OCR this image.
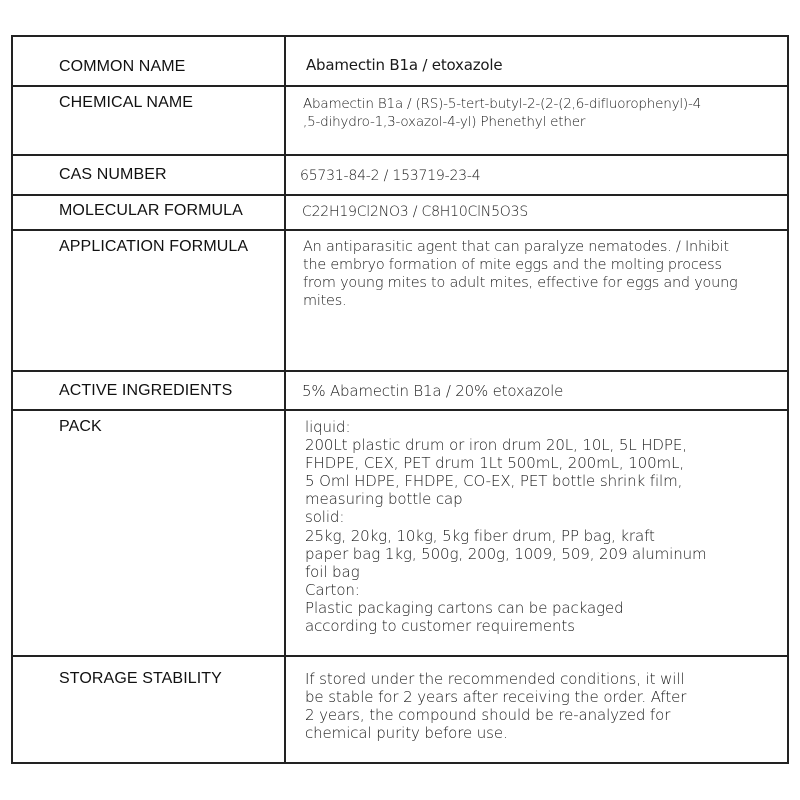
COMMON NAME	Abamectin B1a / etoxazole
CHEMICAL NAME	Abamectin B1a / (RS)-5-tert-butyl-2-(2-(2,6-difluorophenyl)-4
,5-dihydro-1,3-oxazol-4-yl) Phenethyl ether
CAS NUMBER	65731-84-2 / 153719-23-4
MOLECULAR FORMULA	C22H19Cl2NO3 / C8H10ClN5O3S
APPLICATION FORMULA	An antiparasitic agent that can paralyze nematodes. / Inhibit
the embryo formation of mite eggs and the molting process
from young mites to adult mites, effective for eggs and young
mites.
ACTIVE INGREDIENTS	5% Abamectin B1a / 20% etoxazole
PACK	liquid:
200Lt plastic drum or iron drum 20L, 10L, 5L HDPE,
FHDPE, CEX, PET drum 1Lt 500mL, 200mL, 100mL,
5 Oml HDPE, FHDPE, CO-EX, PET bottle shrink film,
measuring bottle cap
solid:
25kg, 20kg, 10kg, 5kg fiber drum, PP bag, kraft
paper bag 1kg, 500g, 200g, 1009, 509, 209 aluminum
foil bag
Carton:
Plastic packaging cartons can be packaged
according to customer requirements
STORAGE STABILITY	If stored under the recommended conditions, it will
be stable for 2 years after receiving the order. After
2 years, the compound should be re-analyzed for
chemical purity before use.
